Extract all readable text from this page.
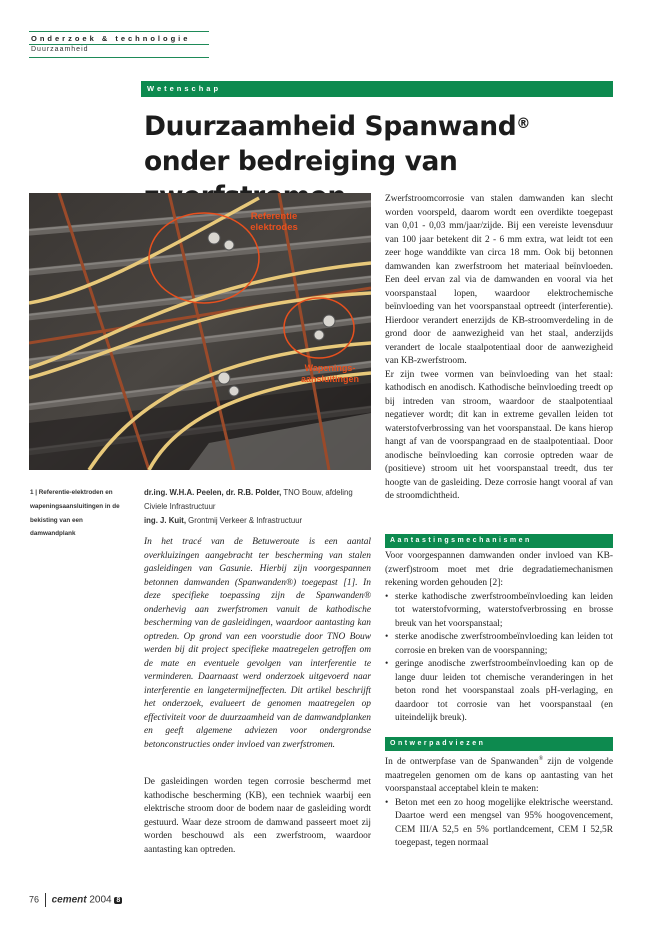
Onderzoek & technologie
Duurzaamheid
Wetenschap
Duurzaamheid Spanwand® onder bedreiging van
Referentie elektrodes
Wapenings-aansluitingen
1 | Referentie-elektroden en wapeningsaansluitingen in de bekisting van een damwandplank
dr.ing. W.H.A. Peelen, dr. R.B. Polder, TNO Bouw, afdeling Civiele Infrastructuur
ing. J. Kuit, Grontmij Verkeer & Infrastructuur
In het tracé van de Betuweroute is een aantal overkluizingen aangebracht ter bescherming van stalen gasleidingen van Gasunie. Hierbij zijn voorgespannen betonnen damwanden (Spanwanden®) toegepast [1]. In deze specifieke toepassing zijn de Spanwanden® onderhevig aan zwerfstromen vanuit de kathodische bescherming van de gasleidingen, waardoor aantasting kan optreden. Op grond van een voorstudie door TNO Bouw werden bij dit project specifieke maatregelen getroffen om de mate en eventuele gevolgen van interferentie te verminderen. Daarnaast werd onderzoek uitgevoerd naar interferentie en langetermijneffecten. Dit artikel beschrijft het onderzoek, evalueert de genomen maatregelen op effectiviteit voor de duurzaamheid van de damwandplanken en geeft algemene adviezen voor ondergrondse betonconstructies onder invloed van zwerfstromen.
De gasleidingen worden tegen corrosie beschermd met kathodische bescherming (KB), een techniek waarbij een elektrische stroom door de bodem naar de gasleiding wordt gestuurd. Waar deze stroom de damwand passeert moet zij worden beschouwd als een zwerfstroom, waardoor aantasting kan optreden.

Zwerfstroomcorrosie van stalen damwanden kan slecht worden voorspeld, daarom wordt een overdikte toegepast van 0,01 - 0,03 mm/jaar/zijde. Bij een vereiste levensduur van 100 jaar betekent dit 2 - 6 mm extra, wat leidt tot een zeer hoge wanddikte van circa 18 mm. Ook bij betonnen damwanden kan zwerfstroom het materiaal beïnvloeden. Een deel ervan zal via de damwanden en vooral via het voorspanstaal lopen, waardoor elektrochemische beïnvloeding van het voorspanstaal optreedt (interferentie). Hierdoor verandert enerzijds de KB-stroomverdeling in de grond door de aanwezigheid van het staal, anderzijds verandert de locale staalpotentiaal door de aanwezigheid van KB-zwerfstroom.

Er zijn twee vormen van beïnvloeding van het staal: kathodisch en anodisch. Kathodische beïnvloeding treedt op bij intreden van stroom, waardoor de staalpotentiaal negatiever wordt; dit kan in extreme gevallen leiden tot waterstofverbrossing van het voorspanstaal. De kans hierop hangt af van de voorspangraad en de staalpotentiaal. Door anodische beïnvloeding kan corrosie optreden waar de (positieve) stroom uit het voorspanstaal treedt, dus ter hoogte van de gasleiding. Deze corrosie hangt vooral af van de stroomdichtheid.

Aantastingsmechanismen

Voor voorgespannen damwanden onder invloed van KB-(zwerf)stroom moet met drie degradatiemechanismen rekening worden gehouden [2]:

• sterke kathodische zwerfstroombeïnvloeding kan leiden tot waterstofvorming, waterstofverbrossing en brosse breuk van het voorspanstaal;
• sterke anodische zwerfstroombeïnvloeding kan leiden tot corrosie en breken van de voorspanning;
• geringe anodische zwerfstroombeïnvloeding kan op de lange duur leiden tot chemische veranderingen in het beton rond het voorspanstaal zoals pH-verlaging, en daardoor tot corrosie van het voorspanstaal (en uiteindelijk breuk).
Ontwerpadviezen

In de ontwerpfase van de Spanwanden® zijn de volgende maatregelen genomen om de kans op aantasting van het voorspanstaal acceptabel klein te maken:

• Beton met een zo hoog mogelijke elektrische weerstand. Daartoe werd een mengsel van 95% hoogovencement, CEM III/A 52,5 en 5% portlandcement, CEM I 52,5R toegepast, tegen normaal
76 cement 2004 8
